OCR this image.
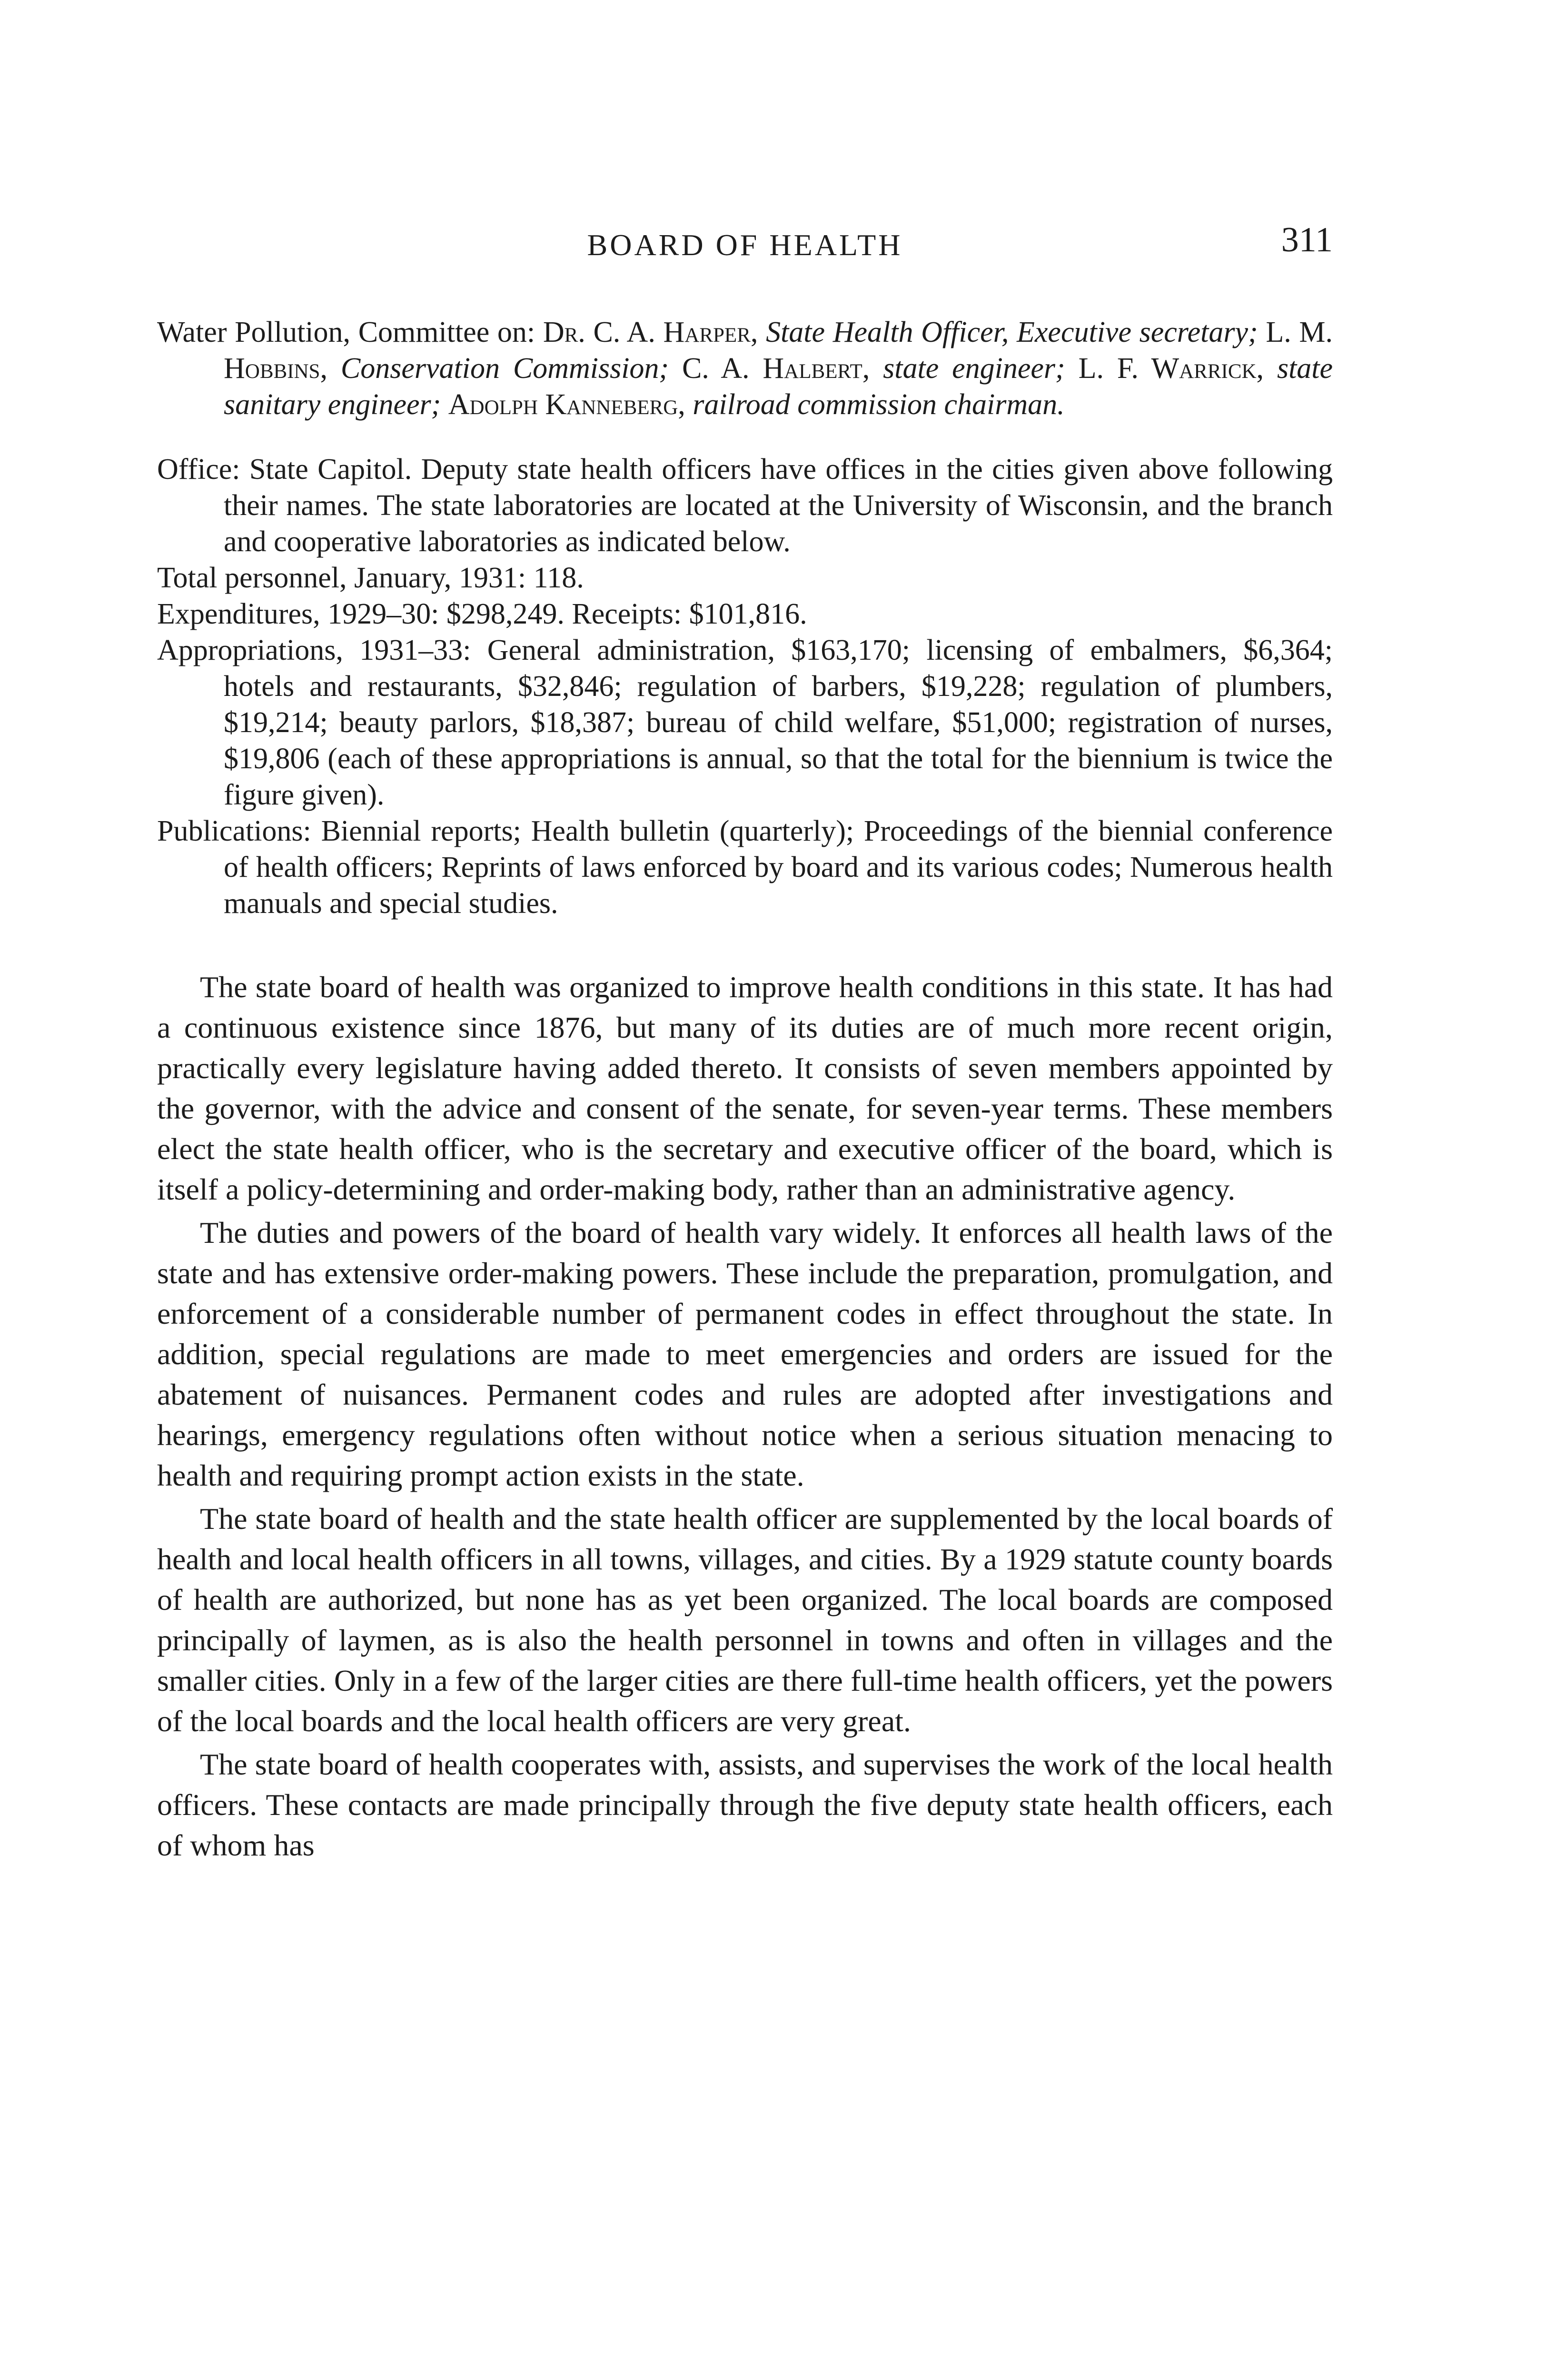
BOARD OF HEALTH	311
Water Pollution, Committee on: Dr. C. A. Harper, State Health Officer, Executive secretary; L. M. Hobbins, Conservation Commission; C. A. Halbert, state engineer; L. F. Warrick, state sanitary engineer; Adolph Kanneberg, railroad commission chairman.
Office: State Capitol. Deputy state health officers have offices in the cities given above following their names. The state laboratories are located at the University of Wisconsin, and the branch and cooperative laboratories as indicated below.
Total personnel, January, 1931: 118.
Expenditures, 1929–30: $298,249. Receipts: $101,816.
Appropriations, 1931–33: General administration, $163,170; licensing of embalmers, $6,364; hotels and restaurants, $32,846; regulation of barbers, $19,228; regulation of plumbers, $19,214; beauty parlors, $18,387; bureau of child welfare, $51,000; registration of nurses, $19,806 (each of these appropriations is annual, so that the total for the biennium is twice the figure given).
Publications: Biennial reports; Health bulletin (quarterly); Proceedings of the biennial conference of health officers; Reprints of laws enforced by board and its various codes; Numerous health manuals and special studies.

The state board of health was organized to improve health conditions in this state. It has had a continuous existence since 1876, but many of its duties are of much more recent origin, practically every legislature having added thereto. It consists of seven members appointed by the governor, with the advice and consent of the senate, for seven-year terms. These members elect the state health officer, who is the secretary and executive officer of the board, which is itself a policy-determining and order-making body, rather than an administrative agency.

The duties and powers of the board of health vary widely. It enforces all health laws of the state and has extensive order-making powers. These include the preparation, promulgation, and enforcement of a considerable number of permanent codes in effect throughout the state. In addition, special regulations are made to meet emergencies and orders are issued for the abatement of nuisances. Permanent codes and rules are adopted after investigations and hearings, emergency regulations often without notice when a serious situation menacing to health and requiring prompt action exists in the state.

The state board of health and the state health officer are supplemented by the local boards of health and local health officers in all towns, villages, and cities. By a 1929 statute county boards of health are authorized, but none has as yet been organized. The local boards are composed principally of laymen, as is also the health personnel in towns and often in villages and the smaller cities. Only in a few of the larger cities are there full-time health officers, yet the powers of the local boards and the local health officers are very great.

The state board of health cooperates with, assists, and supervises the work of the local health officers. These contacts are made principally through the five deputy state health officers, each of whom has
